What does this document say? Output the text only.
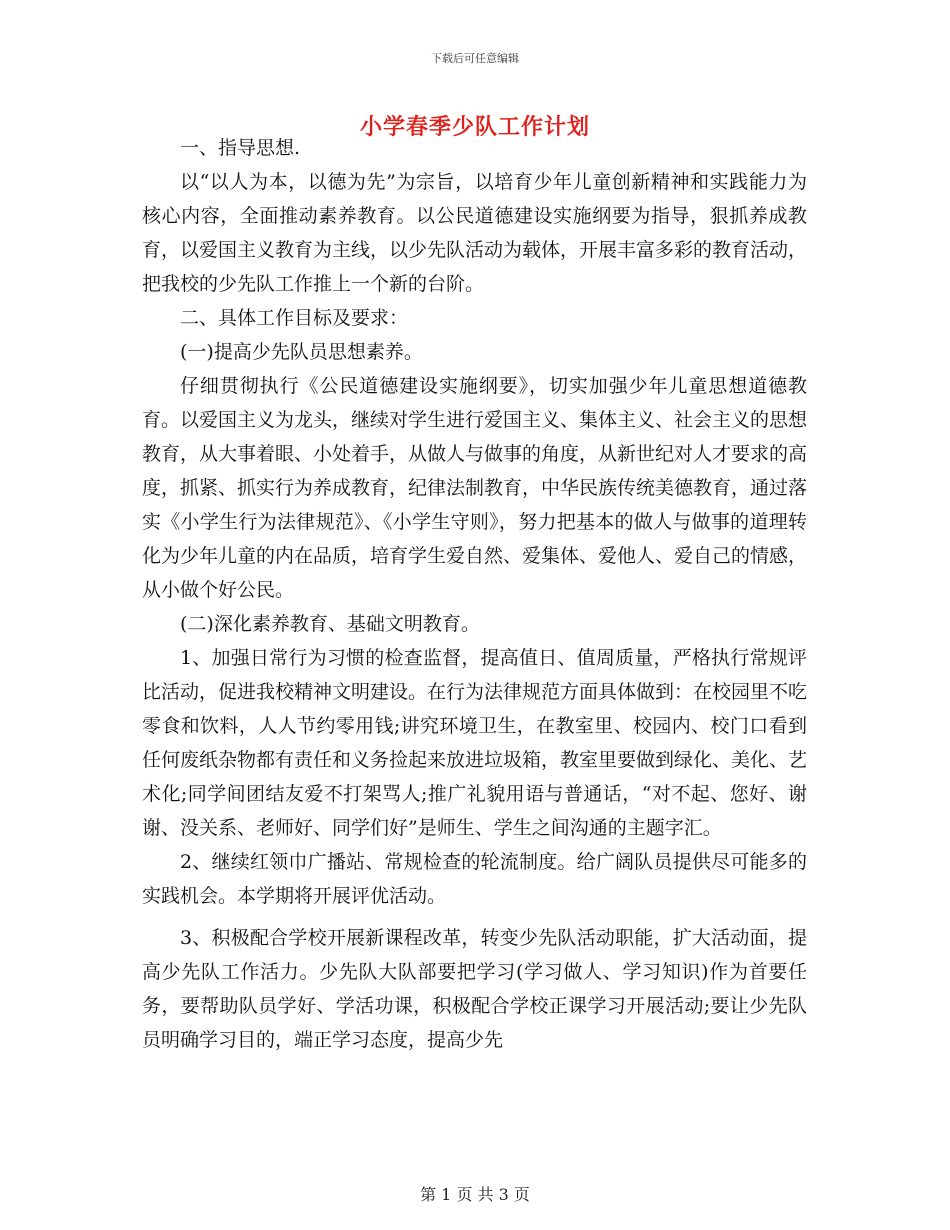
下载后可任意编辑
小学春季少队工作计划

一、指导思想.

以“以人为本，以德为先”为宗旨，以培育少年儿童创新精神和实践能力为核心内容，全面推动素养教育。以公民道德建设实施纲要为指导，狠抓养成教育，以爱国主义教育为主线，以少先队活动为载体，开展丰富多彩的教育活动，把我校的少先队工作推上一个新的台阶。

二、具体工作目标及要求：

(一)提高少先队员思想素养。

仔细贯彻执行《公民道德建设实施纲要》，切实加强少年儿童思想道德教育。以爱国主义为龙头，继续对学生进行爱国主义、集体主义、社会主义的思想教育，从大事着眼、小处着手，从做人与做事的角度，从新世纪对人才要求的高度，抓紧、抓实行为养成教育，纪律法制教育，中华民族传统美德教育，通过落实《小学生行为法律规范》、《小学生守则》，努力把基本的做人与做事的道理转化为少年儿童的内在品质，培育学生爱自然、爱集体、爱他人、爱自己的情感，从小做个好公民。

(二)深化素养教育、基础文明教育。

1、加强日常行为习惯的检查监督，提高值日、值周质量，严格执行常规评比活动，促进我校精神文明建设。在行为法律规范方面具体做到：在校园里不吃零食和饮料，人人节约零用钱;讲究环境卫生，在教室里、校园内、校门口看到任何废纸杂物都有责任和义务捡起来放进垃圾箱，教室里要做到绿化、美化、艺术化;同学间团结友爱不打架骂人;推广礼貌用语与普通话，“对不起、您好、谢谢、没关系、老师好、同学们好”是师生、学生之间沟通的主题字汇。

2、继续红领巾广播站、常规检查的轮流制度。给广阔队员提供尽可能多的实践机会。本学期将开展评优活动。

3、积极配合学校开展新课程改革，转变少先队活动职能，扩大活动面，提高少先队工作活力。少先队大队部要把学习(学习做人、学习知识)作为首要任务，要帮助队员学好、学活功课，积极配合学校正课学习开展活动;要让少先队员明确学习目的，端正学习态度，提高少先

第 1 页 共 3 页
